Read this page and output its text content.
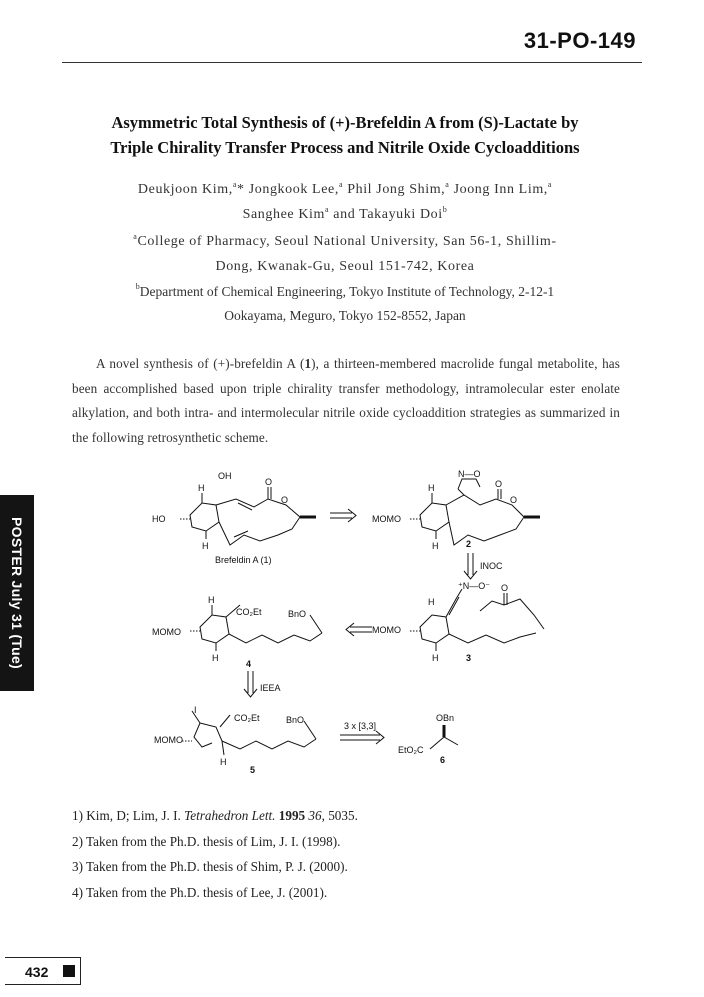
31-PO-149
Asymmetric Total Synthesis of (+)-Brefeldin A from (S)-Lactate by
Triple Chirality Transfer Process and Nitrile Oxide Cycloadditions
Deukjoon Kim,$^a$* Jongkook Lee,$^a$ Phil Jong Shim,$^a$ Joong Inn Lim,$^a$
Sanghee Kim$^a$ and Takayuki Doi$^b$
$^a$College of Pharmacy, Seoul National University, San 56-1, Shillim-
Dong, Kwanak-Gu, Seoul 151-742, Korea
$^b$Department of Chemical Engineering, Tokyo Institute of Technology, 2-12-1
Ookayama, Meguro, Tokyo 152-8552, Japan
A novel synthesis of (+)-brefeldin A (1), a thirteen-membered macrolide fungal metabolite, has been accomplished based upon triple chirality transfer methodology, intramolecular ester enolate alkylation, and both intra- and intermolecular nitrile oxide cycloaddition strategies as summarized in the following retrosynthetic scheme.
OH
H
O
O
HO
H
Brefeldin A (1)
N—O
H	O
O
MOMO
H	2
INOC
⁺N—O⁻
H
O
MOMO
H	3
H
CO₂Et	BnO
MOMO
H
4
IEEA
I
CO₂Et	BnO
MOMO
H
5
3 x [3,3]
OBn
EtO₂C
6
1) Kim, D; Lim, J. I. Tetrahedron Lett. 1995 36, 5035.
2) Taken from the Ph.D. thesis of Lim, J. I. (1998).
3) Taken from the Ph.D. thesis of Shim, P. J. (2000).
4) Taken from the Ph.D. thesis of Lee, J. (2001).
POSTER July 31 (Tue)
432
